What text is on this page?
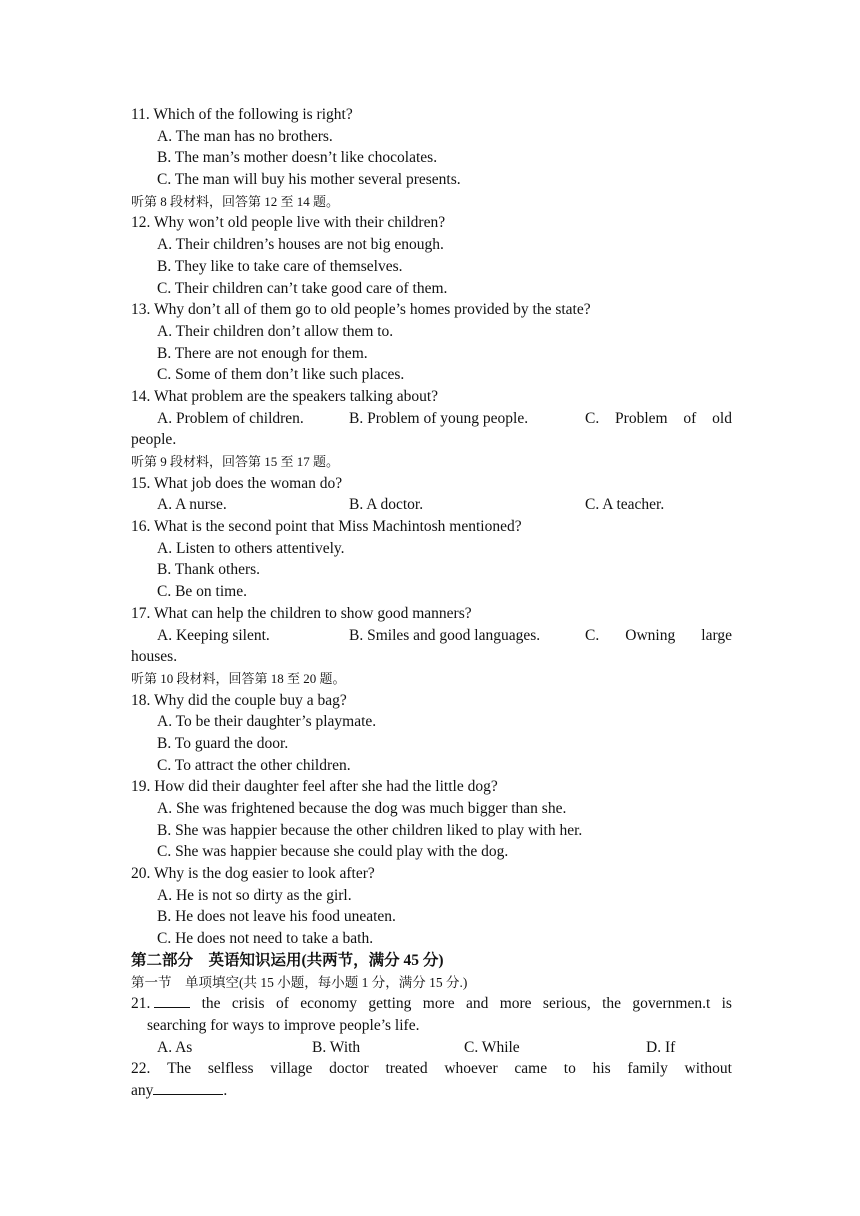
11. Which of the following is right?
A. The man has no brothers.
B. The man’s mother doesn’t like chocolates.
C. The man will buy his mother several presents.
听第 8 段材料，回答第 12 至 14 题。
12. Why won’t old people live with their children?
A. Their children’s houses are not big enough.
B. They like to take care of themselves.
C. Their children can’t take good care of them.
13. Why don’t all of them go to old people’s homes provided by the state?
A. Their children don’t allow them to.
B. There are not enough for them.
C. Some of them don’t like such places.
14. What problem are the speakers talking about?
A. Problem of children.	B. Problem of young people.	C. Problem of old
people.
听第 9 段材料，回答第 15 至 17 题。
15. What job does the woman do?
A. A nurse.	B. A doctor.	C. A teacher.
16. What is the second point that Miss Machintosh mentioned?
A. Listen to others attentively.
B. Thank others.
C. Be on time.
17. What can help the children to show good manners?
A. Keeping silent.	B. Smiles and good languages.	C. Owning large
houses.
听第 10 段材料，回答第 18 至 20 题。
18. Why did the couple buy a bag?
A. To be their daughter’s playmate.
B. To guard the door.
C. To attract the other children.
19. How did their daughter feel after she had the little dog?
A. She was frightened because the dog was much bigger than she.
B. She was happier because the other children liked to play with her.
C. She was happier because she could play with the dog.
20. Why is the dog easier to look after?
A. He is not so dirty as the girl.
B. He does not leave his food uneaten.
C. He does not need to take a bath.
第二部分　英语知识运用(共两节，满分 45 分)
第一节　单项填空(共 15 小题，每小题 1 分，满分 15 分.)
21.	the crisis of economy getting more and more serious, the governmen.t is
searching for ways to improve people’s life.
A. As	B. With	C. While	D. If
22. The selfless village doctor treated whoever came to his family without
any	.
